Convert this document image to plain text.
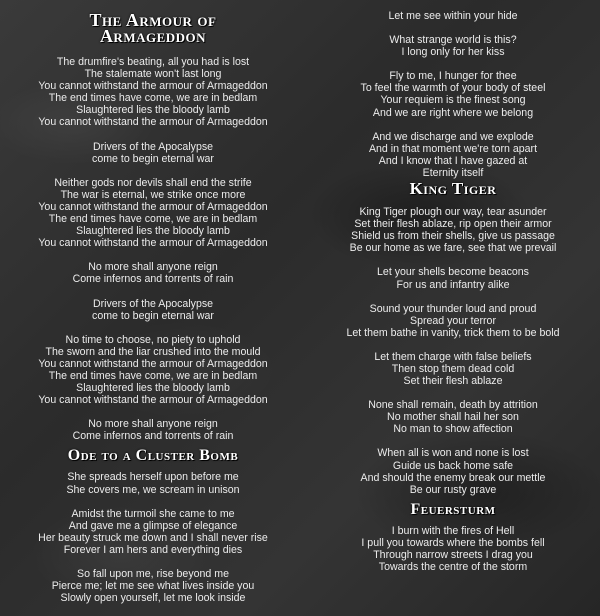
The Armour of Armageddon
The drumfire's beating, all you had is lost
The stalemate won't last long
You cannot withstand the armour of Armageddon
The end times have come, we are in bedlam
Slaughtered lies the bloody lamb
You cannot withstand the armour of Armageddon
Drivers of the Apocalypse
come to begin eternal war
Neither gods nor devils shall end the strife
The war is eternal, we strike once more
You cannot withstand the armour of Armageddon
The end times have come, we are in bedlam
Slaughtered lies the bloody lamb
You cannot withstand the armour of Armageddon
No more shall anyone reign
Come infernos and torrents of rain
Drivers of the Apocalypse
come to begin eternal war
No time to choose, no piety to uphold
The sworn and the liar crushed into the mould
You cannot withstand the armour of Armageddon
The end times have come, we are in bedlam
Slaughtered lies the bloody lamb
You cannot withstand the armour of Armageddon
No more shall anyone reign
Come infernos and torrents of rain
Ode to a Cluster Bomb
She spreads herself upon before me
She covers me, we scream in unison
Amidst the turmoil she came to me
And gave me a glimpse of elegance
Her beauty struck me down and I shall never rise
Forever I am hers and everything dies
So fall upon me, rise beyond me
Pierce me; let me see what lives inside you
Slowly open yourself, let me look inside
Let me see within your hide
What strange world is this?
I long only for her kiss
Fly to me, I hunger for thee
To feel the warmth of your body of steel
Your requiem is the finest song
And we are right where we belong
And we discharge and we explode
And in that moment we're torn apart
And I know that I have gazed at
Eternity itself
King Tiger
King Tiger plough our way, tear asunder
Set their flesh ablaze, rip open their armor
Shield us from their shells, give us passage
Be our home as we fare, see that we prevail
Let your shells become beacons
For us and infantry alike
Sound your thunder loud and proud
Spread your terror
Let them bathe in vanity, trick them to be bold
Let them charge with false beliefs
Then stop them dead cold
Set their flesh ablaze
None shall remain, death by attrition
No mother shall hail her son
No man to show affection
When all is won and none is lost
Guide us back home safe
And should the enemy break our mettle
Be our rusty grave
Feuersturm
I burn with the fires of Hell
I pull you towards where the bombs fell
Through narrow streets I drag you
Towards the centre of the storm
